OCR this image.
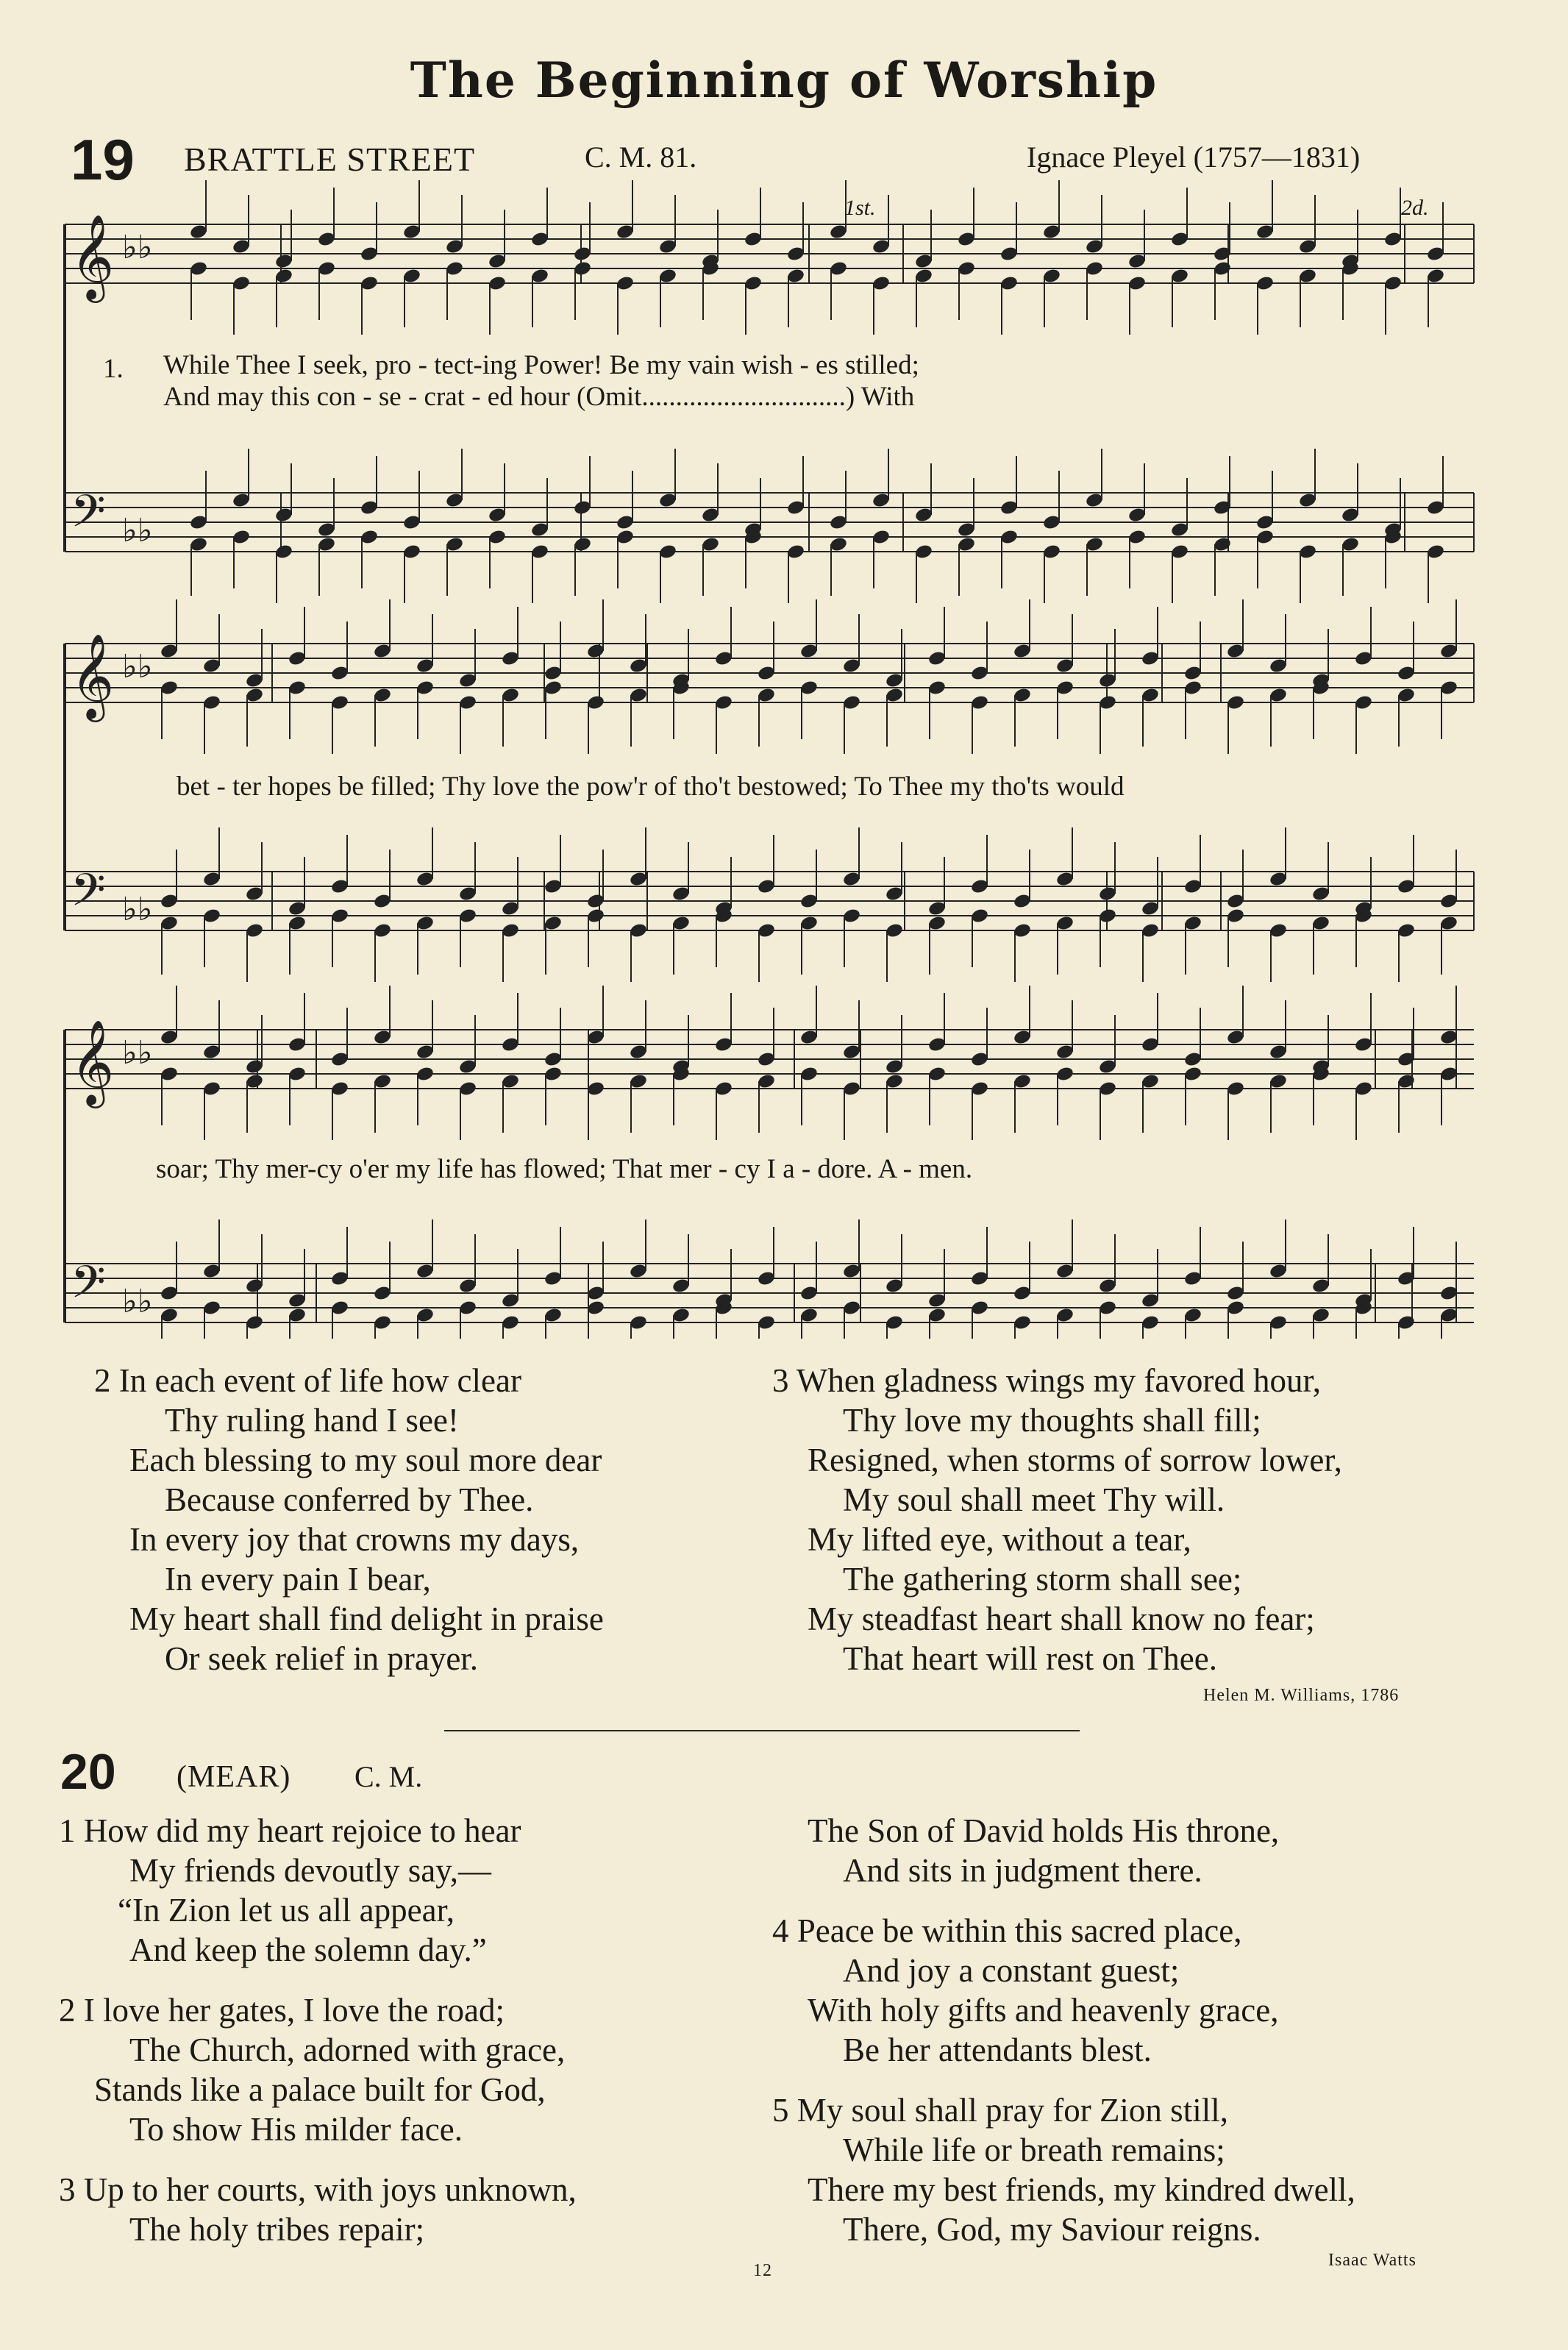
The Beginning of Worship
19 BRATTLE STREET	C. M. 81.	Ignace Pleyel (1757—1831)
1st.	2d.
𝄞 ♭♭
𝄢 ♭♭
𝄞 ♭♭
𝄢 ♭♭
𝄞 ♭♭
𝄢 ♭♭
1. While Thee I seek, pro - tect-ing Power! Be my vain wish - es stilled;
And may this con - se - crat - ed hour (Omit..............................) With
bet - ter hopes be filled; Thy love the pow'r of tho't bestowed; To Thee my tho'ts would
soar; Thy mer-cy o'er my life has flowed; That mer - cy I a - dore. A - men.
2 In each event of life how clear
Thy ruling hand I see!
Each blessing to my soul more dear
Because conferred by Thee.
In every joy that crowns my days,
In every pain I bear,
My heart shall find delight in praise
Or seek relief in prayer.
3 When gladness wings my favored hour,
Thy love my thoughts shall fill;
Resigned, when storms of sorrow lower,
My soul shall meet Thy will.
My lifted eye, without a tear,
The gathering storm shall see;
My steadfast heart shall know no fear;
That heart will rest on Thee.
Helen M. Williams, 1786
20 (MEAR) C. M.
1 How did my heart rejoice to hear
My friends devoutly say,—
“In Zion let us all appear,
And keep the solemn day.”
2 I love her gates, I love the road;
The Church, adorned with grace,
Stands like a palace built for God,
To show His milder face.
3 Up to her courts, with joys unknown,
The holy tribes repair;
The Son of David holds His throne,
And sits in judgment there.
4 Peace be within this sacred place,
And joy a constant guest;
With holy gifts and heavenly grace,
Be her attendants blest.
5 My soul shall pray for Zion still,
While life or breath remains;
There my best friends, my kindred dwell,
There, God, my Saviour reigns.
Isaac Watts
12
